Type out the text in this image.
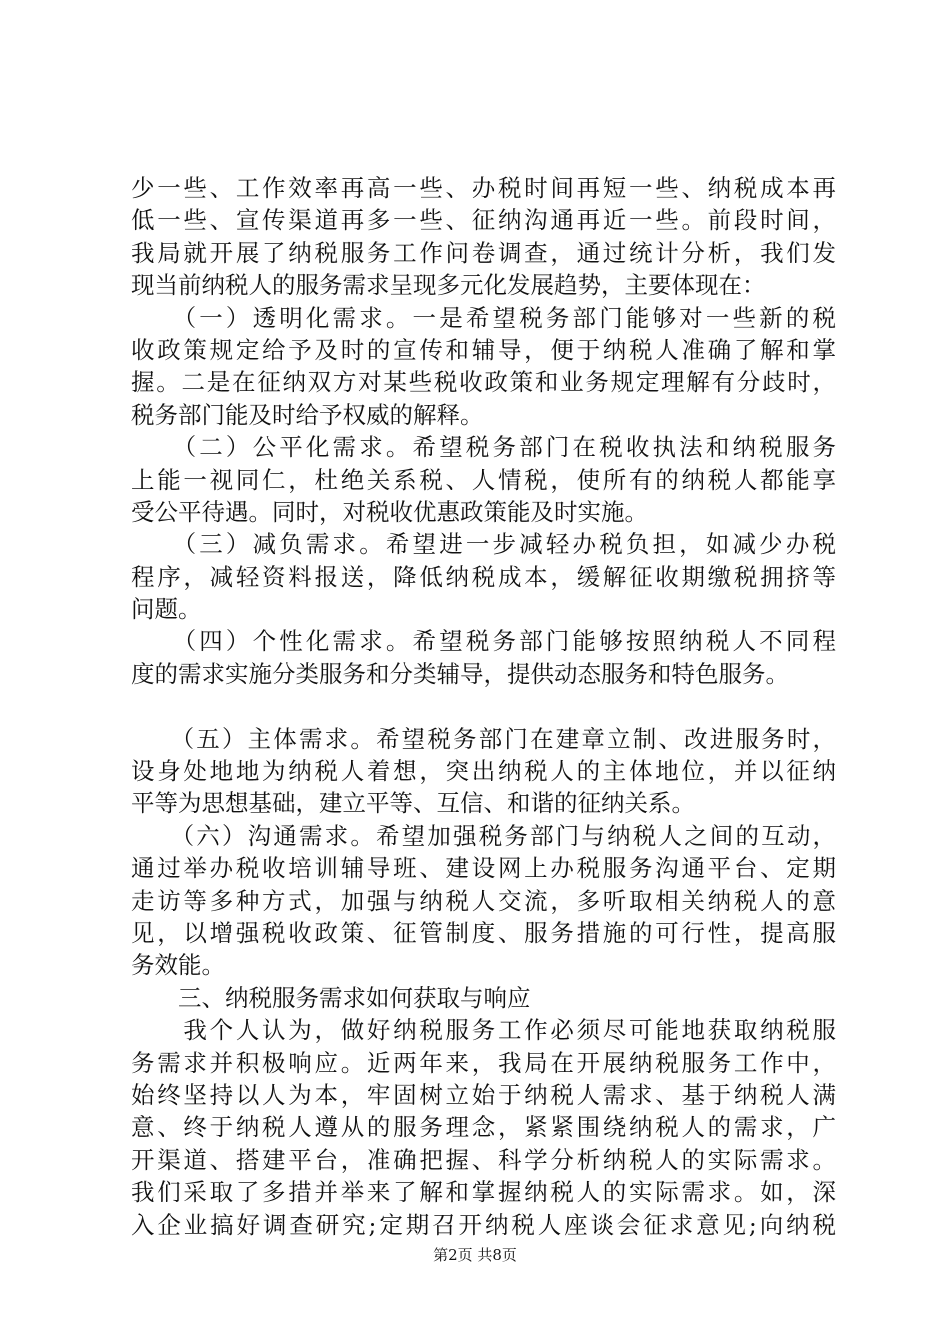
少一些、工作效率再高一些、办税时间再短一些、纳税成本再
低一些、宣传渠道再多一些、征纳沟通再近一些。前段时间，
我局就开展了纳税服务工作问卷调查，通过统计分析，我们发
现当前纳税人的服务需求呈现多元化发展趋势，主要体现在：
　　（一）透明化需求。一是希望税务部门能够对一些新的税
收政策规定给予及时的宣传和辅导，便于纳税人准确了解和掌
握。二是在征纳双方对某些税收政策和业务规定理解有分歧时，
税务部门能及时给予权威的解释。
　　（二）公平化需求。希望税务部门在税收执法和纳税服务
上能一视同仁，杜绝关系税、人情税，使所有的纳税人都能享
受公平待遇。同时，对税收优惠政策能及时实施。
　　（三）减负需求。希望进一步减轻办税负担，如减少办税
程序，减轻资料报送，降低纳税成本，缓解征收期缴税拥挤等
问题。
　　（四）个性化需求。希望税务部门能够按照纳税人不同程
度的需求实施分类服务和分类辅导，提供动态服务和特色服务。
　　（五）主体需求。希望税务部门在建章立制、改进服务时，
设身处地地为纳税人着想，突出纳税人的主体地位，并以征纳
平等为思想基础，建立平等、互信、和谐的征纳关系。
　　（六）沟通需求。希望加强税务部门与纳税人之间的互动，
通过举办税收培训辅导班、建设网上办税服务沟通平台、定期
走访等多种方式，加强与纳税人交流，多听取相关纳税人的意
见，以增强税收政策、征管制度、服务措施的可行性，提高服
务效能。
　　三、纳税服务需求如何获取与响应
　　我个人认为，做好纳税服务工作必须尽可能地获取纳税服
务需求并积极响应。近两年来，我局在开展纳税服务工作中，
始终坚持以人为本，牢固树立始于纳税人需求、基于纳税人满
意、终于纳税人遵从的服务理念，紧紧围绕纳税人的需求，广
开渠道、搭建平台，准确把握、科学分析纳税人的实际需求。
我们采取了多措并举来了解和掌握纳税人的实际需求。如，深
入企业搞好调查研究;定期召开纳税人座谈会征求意见;向纳税
第2页 共8页
